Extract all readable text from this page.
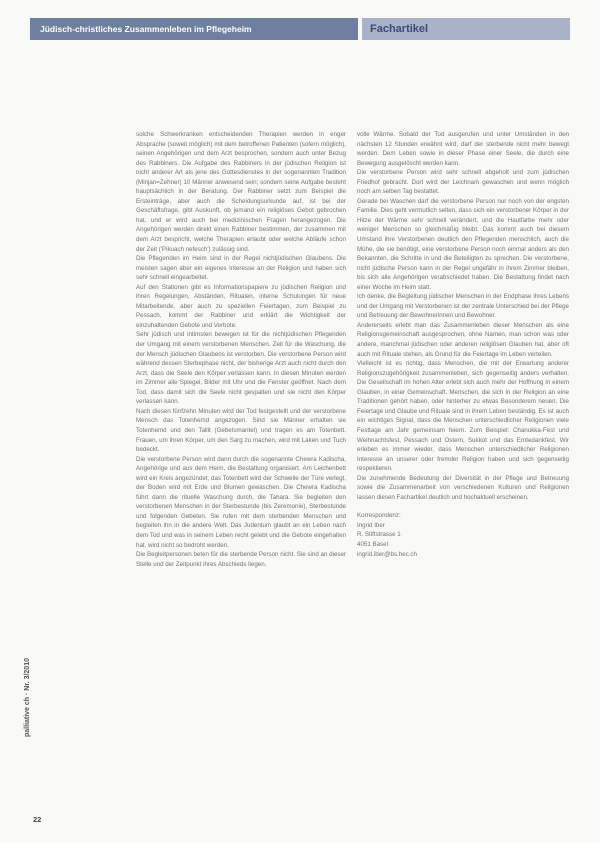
Jüdisch-christliches Zusammenleben im Pflegeheim	Fachartikel

solche Schwerkranken entscheidenden Therapien werden in enger Absprache (soweit möglich) mit dem betroffenen Patienten (sofern möglich), seinen Angehörigen und dem Arzt besprochen, sondern auch unter Bezug des Rabbiners. Die Aufgabe des Rabbiners in der jüdischen Religion ist nicht anderer Art als jene des Gottesdienstes in der sogenannten Tradition (Minjan=Zehner) 10 Männer anwesend sein; sondern seine Aufgabe besteht hauptsächlich in der Beratung. Der Rabbiner setzt zum Beispiel die Ersteinträge, aber auch die Scheidungsurkunde auf, ist bei der Geschäftsfrage, gibt Auskunft, ob jemand ein religiöses Gebot gebrochen hat, und er wird auch bei medizinischen Fragen herangezogen. Die Angehörigen werden direkt einen Rabbiner bestimmen, der zusammen mit dem Arzt bespricht, welche Therapien erlaubt oder welche Abläufe schon der Zeit ('Pikuach nefesch') zulässig sind.

Die Pflegenden im Heim sind in der Regel nichtjüdischen Glaubens. Die meisten sagen aber ein eigenes Interesse an der Religion und haben sich sehr schnell eingearbeitet.

Auf den Stationen gibt es Informationspapiere zu jüdischen Religion und ihren Regelungen, Abständen, Ritualen, interne Schulungen für neue Mitarbeitende, aber auch zu speziellen Feiertagen, zum Beispiel zu Pessach, kommt der Rabbiner und erklärt die Wichtigkeit der einzuhaltenden Gebote und Verbote.

Sehr jüdisch und intimsten bewegen ist für die nichtjüdischen Pflegenden der Umgang mit einem verstorbenen Menschen. Zeit für die Waschung, die der Mensch jüdischen Glaubens ist verstorben. Die verstorbene Person wird während dessen Sterbephase nicht, der bisherige Arzt auch nicht durch den Arzt, dass die Seele den Körper verlassen kann. In diesen Minuten werden im Zimmer alle Spiegel, Bilder mit Uhr und die Fenster geöffnet. Nach dem Tod, dass damit sich die Seele nicht gespalten und sie nicht den Körper verlassen kann.

Nach diesen fünfzehn Minuten wird der Tod festgestellt und der verstorbene Mensch das Totenhemd angezogen. Sind sie Männer erhalten sie Totenhemd und den Tallit (Gebetsmantel) und tragen es am Totenbett. Frauen, um ihren Körper, um den Sarg zu machen, wird mit Laken und Tuch bedeckt.

Die verstorbene Person wird dann durch die sogenannte Chewra Kadischa, Angehörige und aus dem Heim, die Bestattung organisiert. Am Leichenbett wird ein Kreis angezündet, das Totenbett wird der Schwelle der Türe verlegt, der Boden wird mit Erde und Blumen gewaschen. Die Chewra Kadischa führt dann die rituelle Waschung durch, die Tahara. Sie begleiten den verstorbenen Menschen in der Sterbestunde (bis Zeremonie), Sterbestunde und folgenden Gebeten. Sie rufen mit dem sterbenden Menschen und begleiten ihn in die andere Welt. Das Judentum glaubt an ein Leben nach dem Tod und was in seinem Leben recht gelebt und die Gebote eingehalten hat, wird nicht so bedroht werden.

Die Begleitpersonen beten für die sterbende Person nicht. Sie sind an dieser Stelle und der Zeitpunkt ihres Abschieds liegen.

volle Wärme. Sobald der Tod ausgerufen und unter Umständen in den nächsten 12 Stunden erwähnt wird, darf der sterbende nicht mehr bewegt werden. Dem Leben sowie in dieser Phase einer Seele, die durch eine Bewegung ausgelöscht werden kann.

Die verstorbene Person wird sehr schnell abgeholt und zum jüdischen Friedhof gebracht. Dort wird der Leichnam gewaschen und wenn möglich noch am selben Tag bestattet.

Gerade bei Waschen darf die verstorbene Person nur noch von der engsten Familie. Dies geht vermutlich selten, dass sich ein verstorbener Körper in der Hitze der Wärme sehr schnell verändert, und die Hautfarbe mehr oder weniger Menschen so gleichmäßig bleibt. Das kommt auch bei diesem Umstand ihre Verstorbenen deutlich den Pflegenden menschlich, auch die Mühe, die sie benötigt, eine verstorbene Person noch einmal anders als den Bekannten, die Schritte in und die Beteiligten zu sprechen. Die verstorbene, nicht jüdische Person kann in der Regel ungefähr in ihrem Zimmer bleiben, bis sich alle Angehörigen verabschiedet haben. Die Bestattung findet nach einer Woche im Heim statt.

Ich denke, die Begleitung jüdischer Menschen in der Endphase ihres Lebens und der Umgang mit Verstorbenen ist der zentrale Unterschied bei der Pflege und Betreuung der Bewohnerinnen und Bewohner.

Andererseits erlebt man das Zusammenleben dieser Menschen als eine Religionsgemeinschaft ausgesprochen, ohne Namen, man schon was oder andere, manchmal jüdischen oder anderen religiösen Glauben hat, aber oft auch mit Rituale stehen, als Grund für die Feiertage im Leben verteilen.

Vielleicht ist es richtig, dass Menschen, die mit der Erwartung anderer Religionszugehörigkeit zusammenleben, sich gegenseitig anders verhalten. Die Gesellschaft im hohen Alter erlebt sich auch mehr der Hoffnung in einem Glauben, in einer Gemeinschaft. Menschen, die sich in der Religion an eine Traditionen gehört haben, oder hinterher zu etwas Besonderem neuen. Die Feiertage und Glaube und Rituale sind in ihrem Leben beständig. Es ist auch ein wichtiges Signal, dass die Menschen unterschiedlicher Religionen viele Festtage am Jahr gemeinsam feiern. Zum Beispiel: Chanukka-Fest und Weihnachtsfest, Pessach und Ostern, Sukkot und das Erntedankfest. Wir erleben es immer wieder, dass Menschen unterschiedlicher Religionen Interesse an unserer oder fremder Religion haben und sich gegenseitig respektieren.

Die zunehmende Bedeutung der Diversität in der Pflege und Betreuung sowie die Zusammenarbeit von verschiedenen Kulturen und Religionen lassen diesen Fachartikel deutlich und hochaktuell erscheinen.

Korrespondenz:
Ingrid Iber
R. Stiftstrasse 1
4051 Basel
ingrid.iber@bs.hec.ch
palliative ch · Nr. 3/2010
22
